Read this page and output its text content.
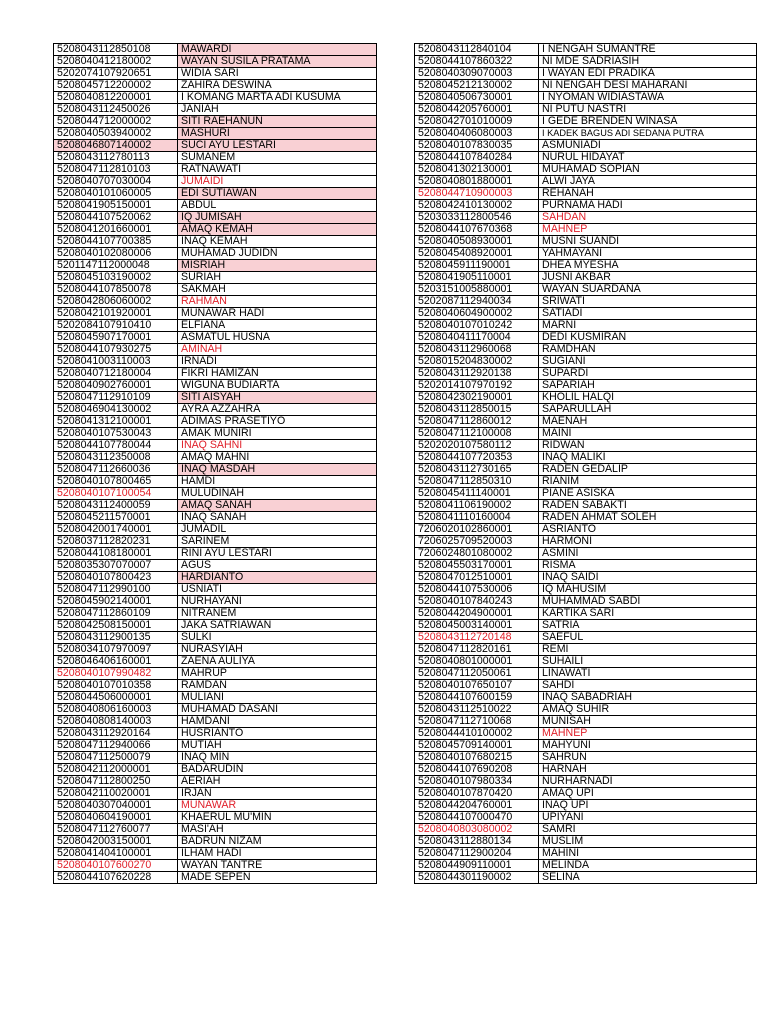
5208043112850108	MAWARDI
5208040412180002	WAYAN SUSILA PRATAMA
5202074107920651	WIDIA SARI
5208045712200002	ZAHIRA DESWINA
5208040812200001	I KOMANG MARTA ADI KUSUMA
5208043112450026	JANIAH
5208044712000002	SITI RAEHANUN
5208040503940002	MASHURI
5208046807140002	SUCI AYU LESTARI
5208043112780113	SUMANEM
5208047112810103	RATNAWATI
5208040707030004	JUMAIDI
5208040101060005	EDI SUTIAWAN
5208041905150001	ABDUL
5208044107520062	IQ JUMISAH
5208041201660001	AMAQ KEMAH
5208044107700385	INAQ KEMAH
5208040102080006	MUHAMAD JUDIDN
5201147112000048	MISRIAH
5208045103190002	SURIAH
5208044107850078	SAKMAH
5208042806060002	RAHMAN
5208042101920001	MUNAWAR HADI
5202084107910410	ELFIANA
5208045907170001	ASMATUL HUSNA
5208044107930275	AMINAH
5208041003110003	IRNADI
5208040712180004	FIKRI HAMIZAN
5208040902760001	WIGUNA BUDIARTA
5208047112910109	SITI AISYAH
5208046904130002	AYRA AZZAHRA
5208041312100001	ADIMAS PRASETIYO
5208040107530043	AMAK MUNIRI
5208044107780044	INAQ SAHNI
5208043112350008	AMAQ MAHNI
5208047112660036	INAQ MASDAH
5208040107800465	HAMDI
5208040107100054	MULUDINAH
5208043112400059	AMAQ SANAH
5208045211570001	INAQ SANAH
5208042001740001	JUMADIL
5208037112820231	SARINEM
5208044108180001	RINI AYU LESTARI
5208035307070007	AGUS
5208040107800423	HARDIANTO
5208047112990100	USNIATI
5208045902140001	NURHAYANI
5208047112860109	NITRANEM
5208042508150001	JAKA SATRIAWAN
5208043112900135	SULKI
5208034107970097	NURASYIAH
5208046406160001	ZAENA AULIYA
5208040107990482	MAHRUP
5208040107010358	RAMDAN
5208044506000001	MULIANI
5208040806160003	MUHAMAD DASANI
5208040808140003	HAMDANI
5208043112920164	HUSRIANTO
5208047112940066	MUTIAH
5208047112500079	INAQ MIN
5208042112000001	BADARUDIN
5208047112800250	AERIAH
5208042110020001	IRJAN
5208040307040001	MUNAWAR
5208040604190001	KHAERUL MU'MIN
5208047112760077	MASI'AH
5208042003150001	BADRUN NIZAM
5208041404100001	ILHAM HADI
5208040107600270	WAYAN TANTRE
5208044107620228	MADE SEPEN
5208043112840104	I NENGAH SUMANTRE
5208044107860322	NI MDE SADRIASIH
5208040309070003	I WAYAN EDI PRADIKA
5208045212130002	NI NENGAH DESI MAHARANI
5208040506730001	I NYOMAN WIDIASTAWA
5208044205760001	NI PUTU NASTRI
5208042701010009	I GEDE BRENDEN WINASA
5208040406080003	I KADEK BAGUS ADI SEDANA PUTRA
5208040107830035	ASMUNIADI
5208044107840284	NURUL HIDAYAT
5208041302130001	MUHAMAD SOPIAN
5208040801880001	ALWI JAYA
5208044710900003	REHANAH
5208042410130002	PURNAMA HADI
5203033112800546	SAHDAN
5208044107670368	MAHNEP
5208040508930001	MUSNI SUANDI
5208045408920001	YAHMAYANI
5208045911190001	DHEA MYESHA
5208041905110001	JUSNI AKBAR
5203151005880001	WAYAN SUARDANA
5202087112940034	SRIWATI
5208040604900002	SATIADI
5208040107010242	MARNI
5208040411170004	DEDI KUSMIRAN
5208043112960068	RAMDHAN
5208015204830002	SUGIANI
5208043112920138	SUPARDI
5202014107970192	SAPARIAH
5208042302190001	KHOLIL HALQI
5208043112850015	SAPARULLAH
5208047112860012	MAENAH
5208047112100008	MAINI
5202020107580112	RIDWAN
5208044107720353	INAQ MALIKI
5208043112730165	RADEN GEDALIP
5208047112850310	RIANIM
5208045411140001	PIANE ASISKA
5208041106190002	RADEN SABAKTI
5208041110160004	RADEN AHMAT SOLEH
7206020102860001	ASRIANTO
7206025709520003	HARMONI
7206024801080002	ASMINI
5208045503170001	RISMA
5208047012510001	INAQ SAIDI
5208044107530006	IQ MAHUSIM
5208040107840243	MUHAMMAD SABDI
5208044204900001	KARTIKA SARI
5208045003140001	SATRIA
5208043112720148	SAEFUL
5208047112820161	REMI
5208040801000001	SUHAILI
5208047112050061	LINAWATI
5208040107650107	SAHDI
5208044107600159	INAQ SABADRIAH
5208043112510022	AMAQ SUHIR
5208047112710068	MUNISAH
5208044410100002	MAHNEP
5208045709140001	MAHYUNI
5208040107680215	SAHRUN
5208044107690208	HARNAH
5208040107980334	NURHARNADI
5208040107870420	AMAQ UPI
5208044204760001	INAQ UPI
5208044107000470	UPIYANI
5208040803080002	SAMRI
5208043112880134	MUSLIM
5208047112900204	MAHINI
5208044909110001	MELINDA
5208044301190002	SELINA
